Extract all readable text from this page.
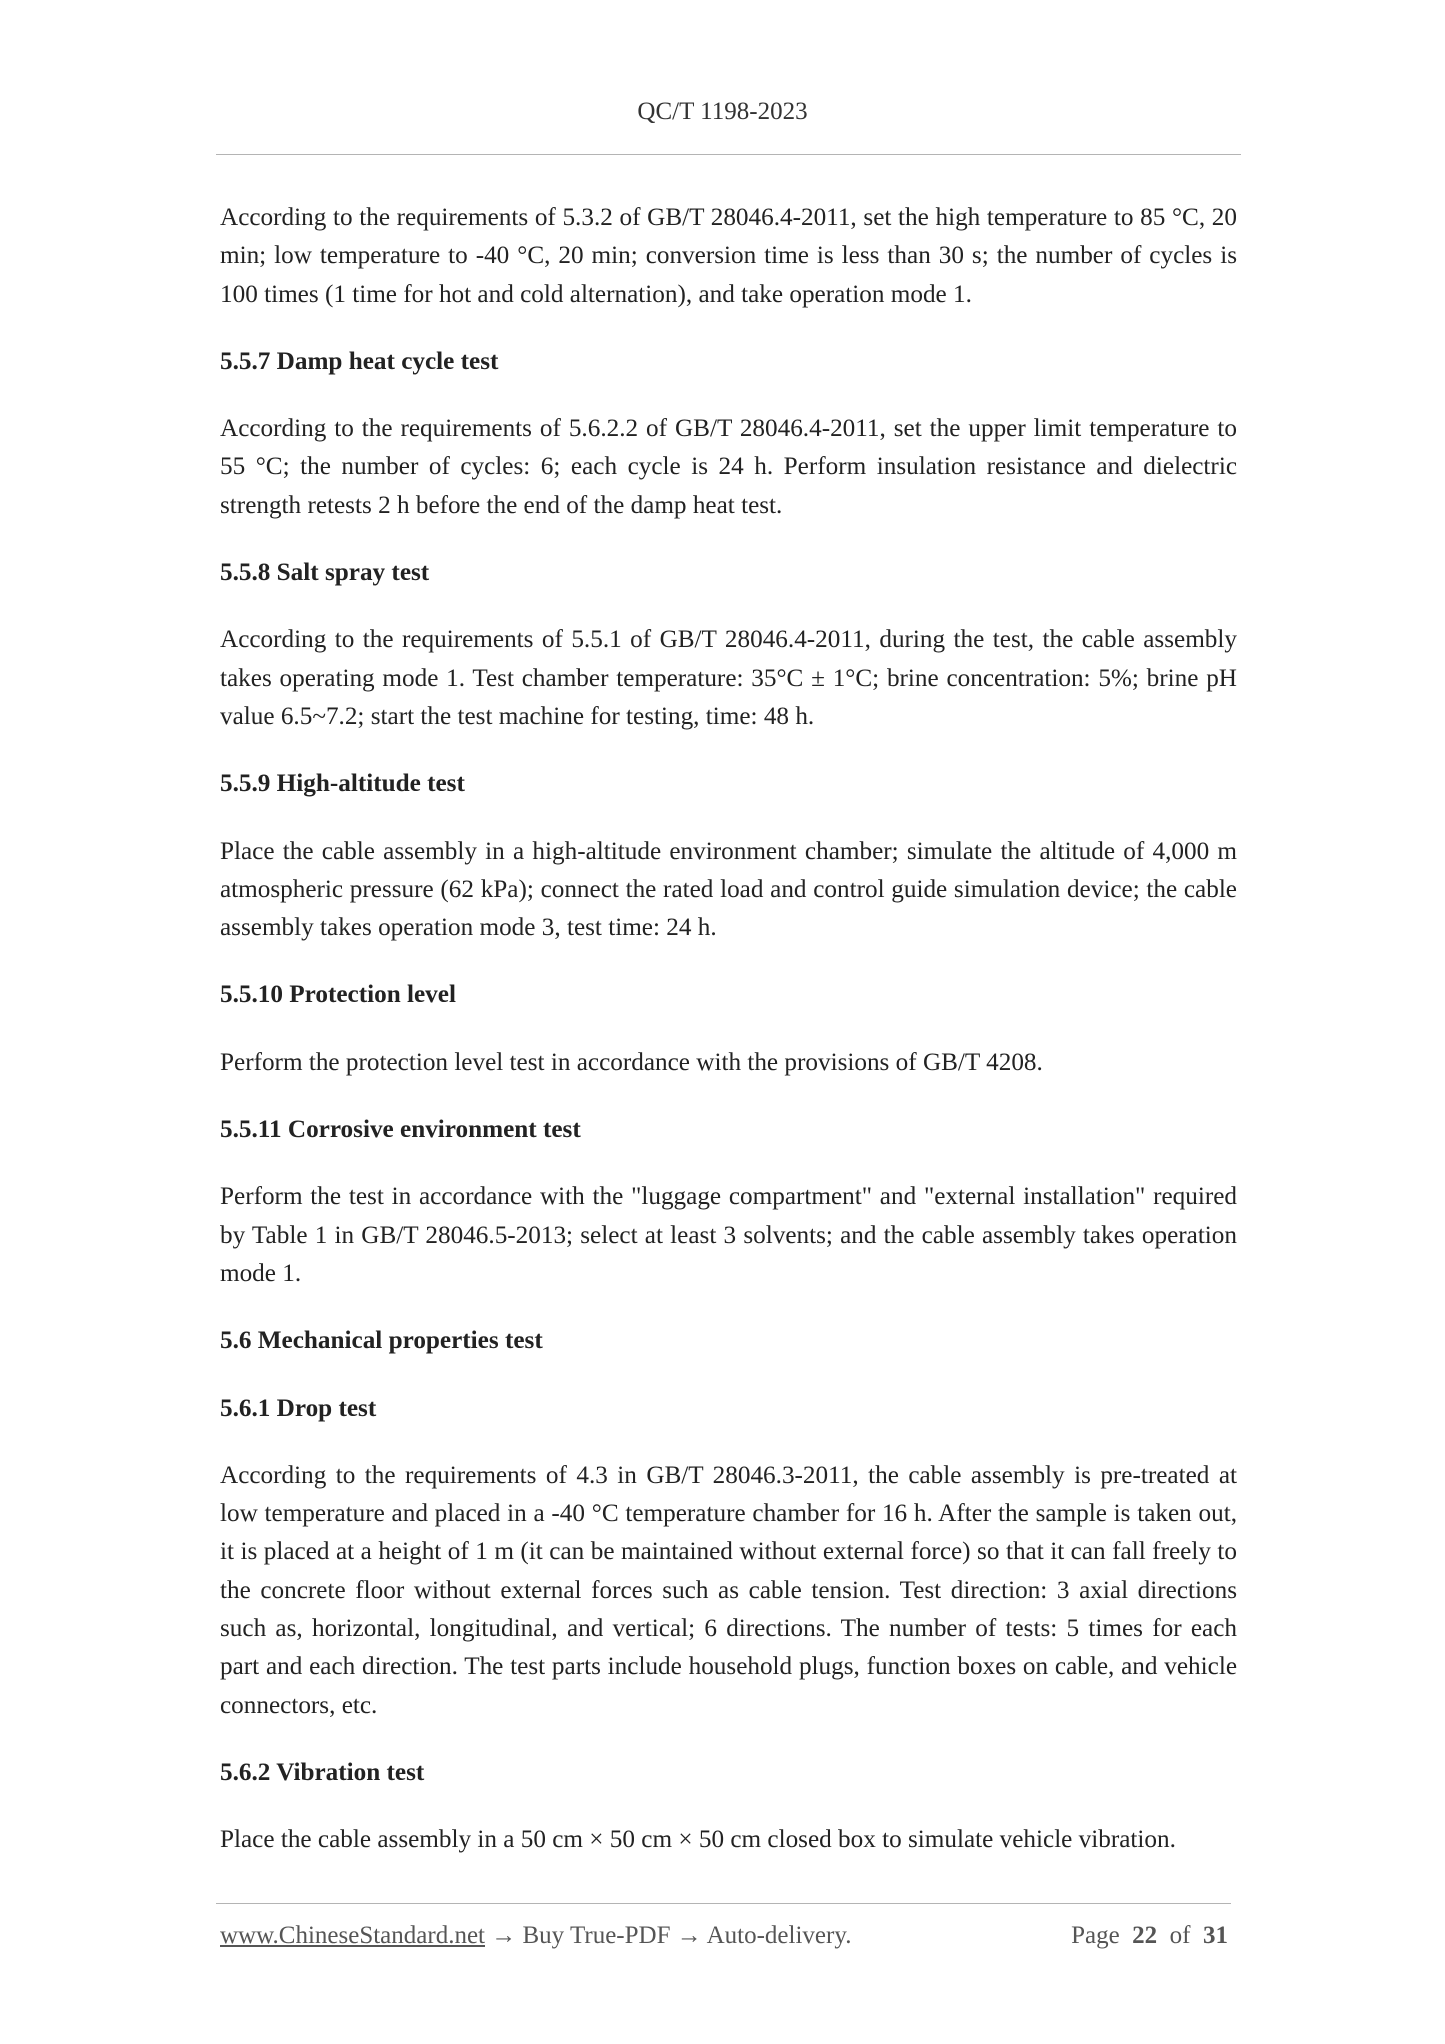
QC/T 1198-2023

According to the requirements of 5.3.2 of GB/T 28046.4-2011, set the high temperature to 85 °C, 20 min; low temperature to -40 °C, 20 min; conversion time is less than 30 s; the number of cycles is 100 times (1 time for hot and cold alternation), and take operation mode 1.

5.5.7 Damp heat cycle test

According to the requirements of 5.6.2.2 of GB/T 28046.4-2011, set the upper limit temperature to 55 °C; the number of cycles: 6; each cycle is 24 h. Perform insulation resistance and dielectric strength retests 2 h before the end of the damp heat test.

5.5.8 Salt spray test

According to the requirements of 5.5.1 of GB/T 28046.4-2011, during the test, the cable assembly takes operating mode 1. Test chamber temperature: 35°C ± 1°C; brine concentration: 5%; brine pH value 6.5~7.2; start the test machine for testing, time: 48 h.

5.5.9 High-altitude test

Place the cable assembly in a high-altitude environment chamber; simulate the altitude of 4,000 m atmospheric pressure (62 kPa); connect the rated load and control guide simulation device; the cable assembly takes operation mode 3, test time: 24 h.

5.5.10 Protection level

Perform the protection level test in accordance with the provisions of GB/T 4208.

5.5.11 Corrosive environment test

Perform the test in accordance with the "luggage compartment" and "external installation" required by Table 1 in GB/T 28046.5-2013; select at least 3 solvents; and the cable assembly takes operation mode 1.

5.6 Mechanical properties test

5.6.1 Drop test

According to the requirements of 4.3 in GB/T 28046.3-2011, the cable assembly is pre-treated at low temperature and placed in a -40 °C temperature chamber for 16 h. After the sample is taken out, it is placed at a height of 1 m (it can be maintained without external force) so that it can fall freely to the concrete floor without external forces such as cable tension. Test direction: 3 axial directions such as, horizontal, longitudinal, and vertical; 6 directions. The number of tests: 5 times for each part and each direction. The test parts include household plugs, function boxes on cable, and vehicle connectors, etc.

5.6.2 Vibration test

Place the cable assembly in a 50 cm × 50 cm × 50 cm closed box to simulate vehicle vibration.

www.ChineseStandard.net → Buy True-PDF → Auto-delivery.	Page 22 of 31
